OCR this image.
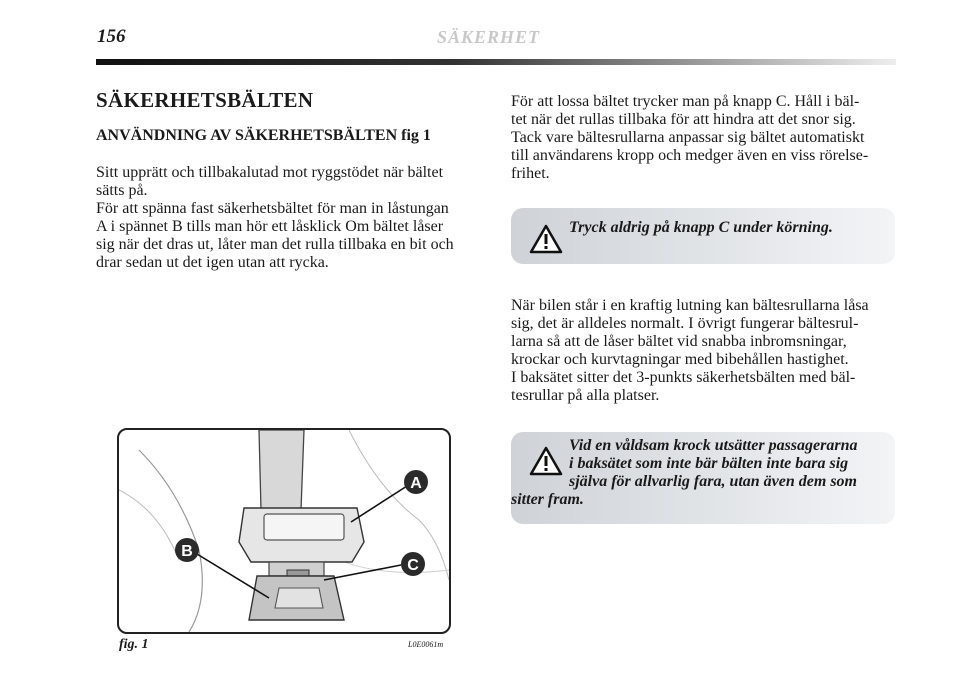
156	SÄKERHET
SÄKERHETSBÄLTEN
ANVÄNDNING AV SÄKERHETSBÄLTEN fig 1

Sitt upprätt och tillbakalutad mot ryggstödet när bältet

sätts på.

För att spänna fast säkerhetsbältet för man in låstungan

A i spännet B tills man hör ett låsklick Om bältet låser

sig när det dras ut, låter man det rulla tillbaka en bit och

drar sedan ut det igen utan att rycka.

För att lossa bältet trycker man på knapp C. Håll i bäl-

tet när det rullas tillbaka för att hindra att det snor sig.

Tack vare bältesrullarna anpassar sig bältet automatiskt

till användarens kropp och medger även en viss rörelse-

frihet.

Tryck aldrig på knapp C under körning.

När bilen står i en kraftig lutning kan bältesrullarna låsa

sig, det är alldeles normalt. I övrigt fungerar bältesrul-

larna så att de låser bältet vid snabba inbromsningar,

krockar och kurvtagningar med bibehållen hastighet.

I baksätet sitter det 3-punkts säkerhetsbälten med bäl-

tesrullar på alla platser.

Vid en våldsam krock utsätter passagerarna

i baksätet som inte bär bälten inte bara sig

själva för allvarlig fara, utan även dem som

sitter fram.

A
B
C
fig. 1	L0E0061m
